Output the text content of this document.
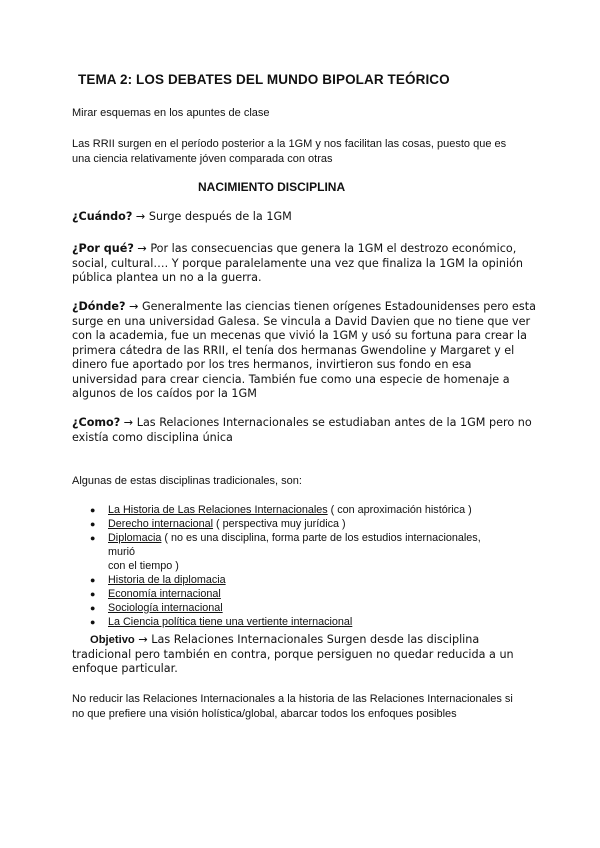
TEMA 2: LOS DEBATES DEL MUNDO BIPOLAR TEÓRICO
Mirar esquemas en los apuntes de clase
Las RRII surgen en el período posterior a la 1GM y nos facilitan las cosas, puesto que es
una ciencia relativamente jóven comparada con otras
NACIMIENTO DISCIPLINA
¿Cuándo? → Surge después de la 1GM
¿Por qué? → Por las consecuencias que genera la 1GM el destrozo económico,
social, cultural…. Y porque paralelamente una vez que finaliza la 1GM la opinión
pública plantea un no a la guerra.
¿Dónde? → Generalmente las ciencias tienen orígenes Estadounidenses pero esta
surge en una universidad Galesa. Se vincula a David Davien que no tiene que ver
con la academia, fue un mecenas que vivió la 1GM y usó su fortuna para crear la
primera cátedra de las RRII, el tenía dos hermanas Gwendoline y Margaret y el
dinero fue aportado por los tres hermanos, invirtieron sus fondo en esa
universidad para crear ciencia. También fue como una especie de homenaje a
algunos de los caídos por la 1GM
¿Como? → Las Relaciones Internacionales se estudiaban antes de la 1GM pero no
existía como disciplina única
Algunas de estas disciplinas tradicionales, son:
● La Historia de Las Relaciones Internacionales ( con aproximación histórica )
● Derecho internacional ( perspectiva muy jurídica )
● Diplomacia ( no es una disciplina, forma parte de los estudios internacionales, murió
con el tiempo )
● Historia de la diplomacia
● Economía internacional
● Sociología internacional
● La Ciencia política tiene una vertiente internacional
Objetivo → Las Relaciones Internacionales Surgen desde las disciplina
tradicional pero también en contra, porque persiguen no quedar reducida a un
enfoque particular.
No reducir las Relaciones Internacionales a la historia de las Relaciones Internacionales si
no que prefiere una visión holística/global, abarcar todos los enfoques posibles
